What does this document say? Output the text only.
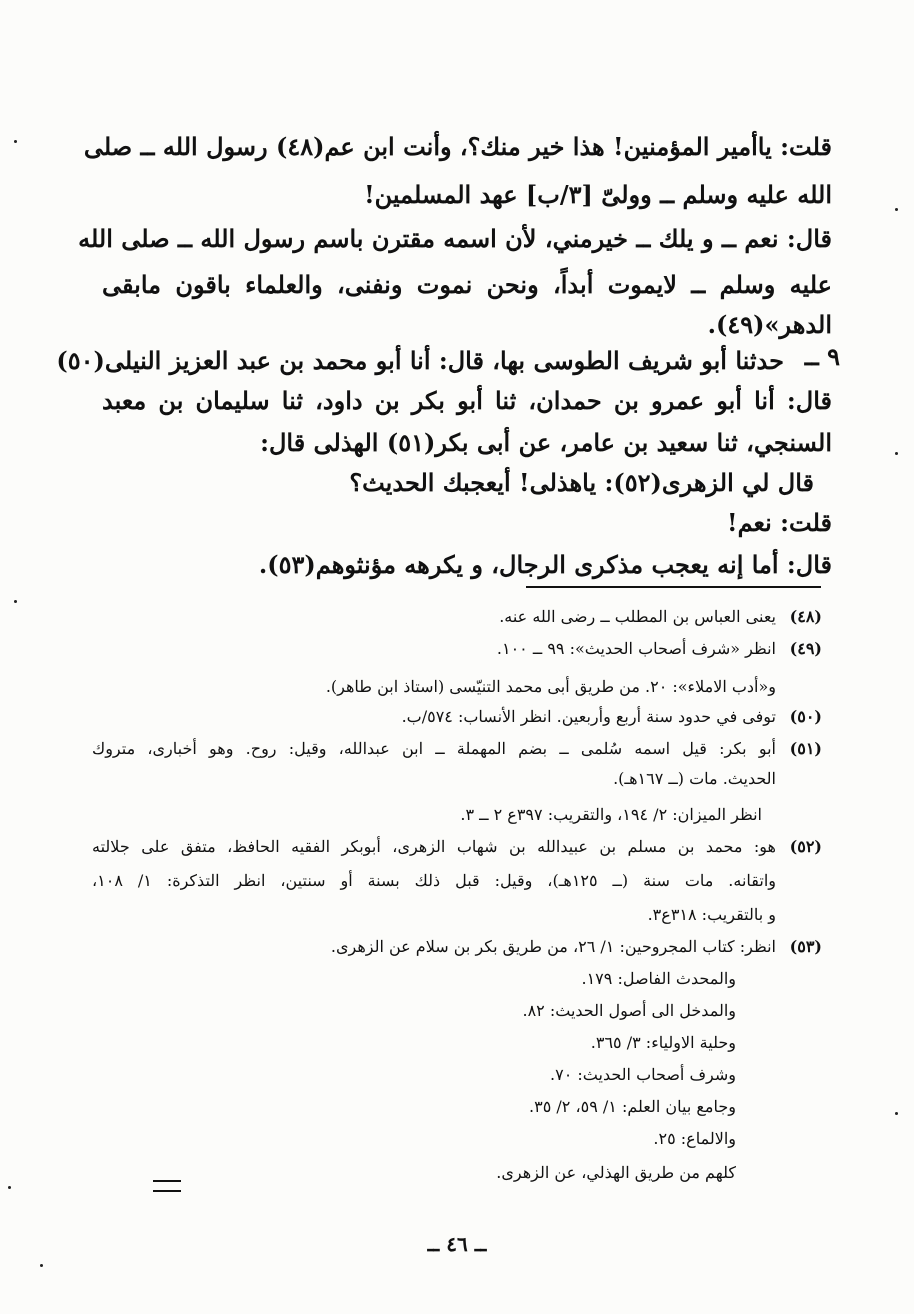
قلت: ياأمير المؤمنين! هذا خير منك؟، وأنت ابن عم(٤٨) رسول الله ــ صلى
الله عليه وسلم ــ وولىّ [٣/ب] عهد المسلمين!
قال: نعم ــ و يلك ــ خيرمني، لأن اسمه مقترن باسم رسول الله ــ صلى الله
عليه وسلم ــ لايموت أبداً، ونحن نموت ونفنى، والعلماء باقون مابقى
الدهر»(٤٩).
٩ ــ
حدثنا أبو شريف الطوسى بها، قال: أنا أبو محمد بن عبد العزيز النيلى(٥٠)
قال: أنا أبو عمرو بن حمدان، ثنا أبو بكر بن داود، ثنا سليمان بن معبد
السنجي، ثنا سعيد بن عامر، عن أبى بكر(٥١) الهذلى قال:
قال لي الزهرى(٥٢): ياهذلى! أيعجبك الحديث؟
قلت: نعم!
قال: أما إنه يعجب مذكرى الرجال، و يكرهه مؤنثوهم(٥٣).
(٤٨)
يعنى العباس بن المطلب ــ رضى الله عنه.
(٤٩)
انظر «شرف أصحاب الحديث»: ٩٩ ــ ١٠٠.
و«أدب الاملاء»: ٢٠. من طريق أبى محمد التنيّسى (استاذ ابن طاهر).
(٥٠)
توفى في حدود سنة أربع وأربعين. انظر الأنساب: ٥٧٤/ب.
(٥١)
أبو بكر: قيل اسمه سُلمى ــ بضم المهملة ــ ابن عبدالله، وقيل: روح. وهو أخبارى، متروك
الحديث. مات (ــ ١٦٧هـ).
انظر الميزان: ٢/ ١٩٤، والتقريب: ٣٩٧ع ٢ ــ ٣.
(٥٢)
هو: محمد بن مسلم بن عبيدالله بن شهاب الزهرى، أبوبكر الفقيه الحافظ، متفق على جلالته
واتقانه. مات سنة (ــ ١٢٥هـ)، وقيل: قبل ذلك بسنة أو سنتين، انظر التذكرة: ١/ ١٠٨،
و بالتقريب: ٣١٨ع٣.
(٥٣)
انظر: كتاب المجروحين: ١/ ٢٦، من طريق بكر بن سلام عن الزهرى.
والمحدث الفاصل: ١٧٩.
والمدخل الى أصول الحديث: ٨٢.
وحلية الاولياء: ٣/ ٣٦٥.
وشرف أصحاب الحديث: ٧٠.
وجامع بيان العلم: ١/ ٥٩، ٢/ ٣٥.
والالماع: ٢٥.
كلهم من طريق الهذلي، عن الزهرى.
ــ ٤٦ ــ
